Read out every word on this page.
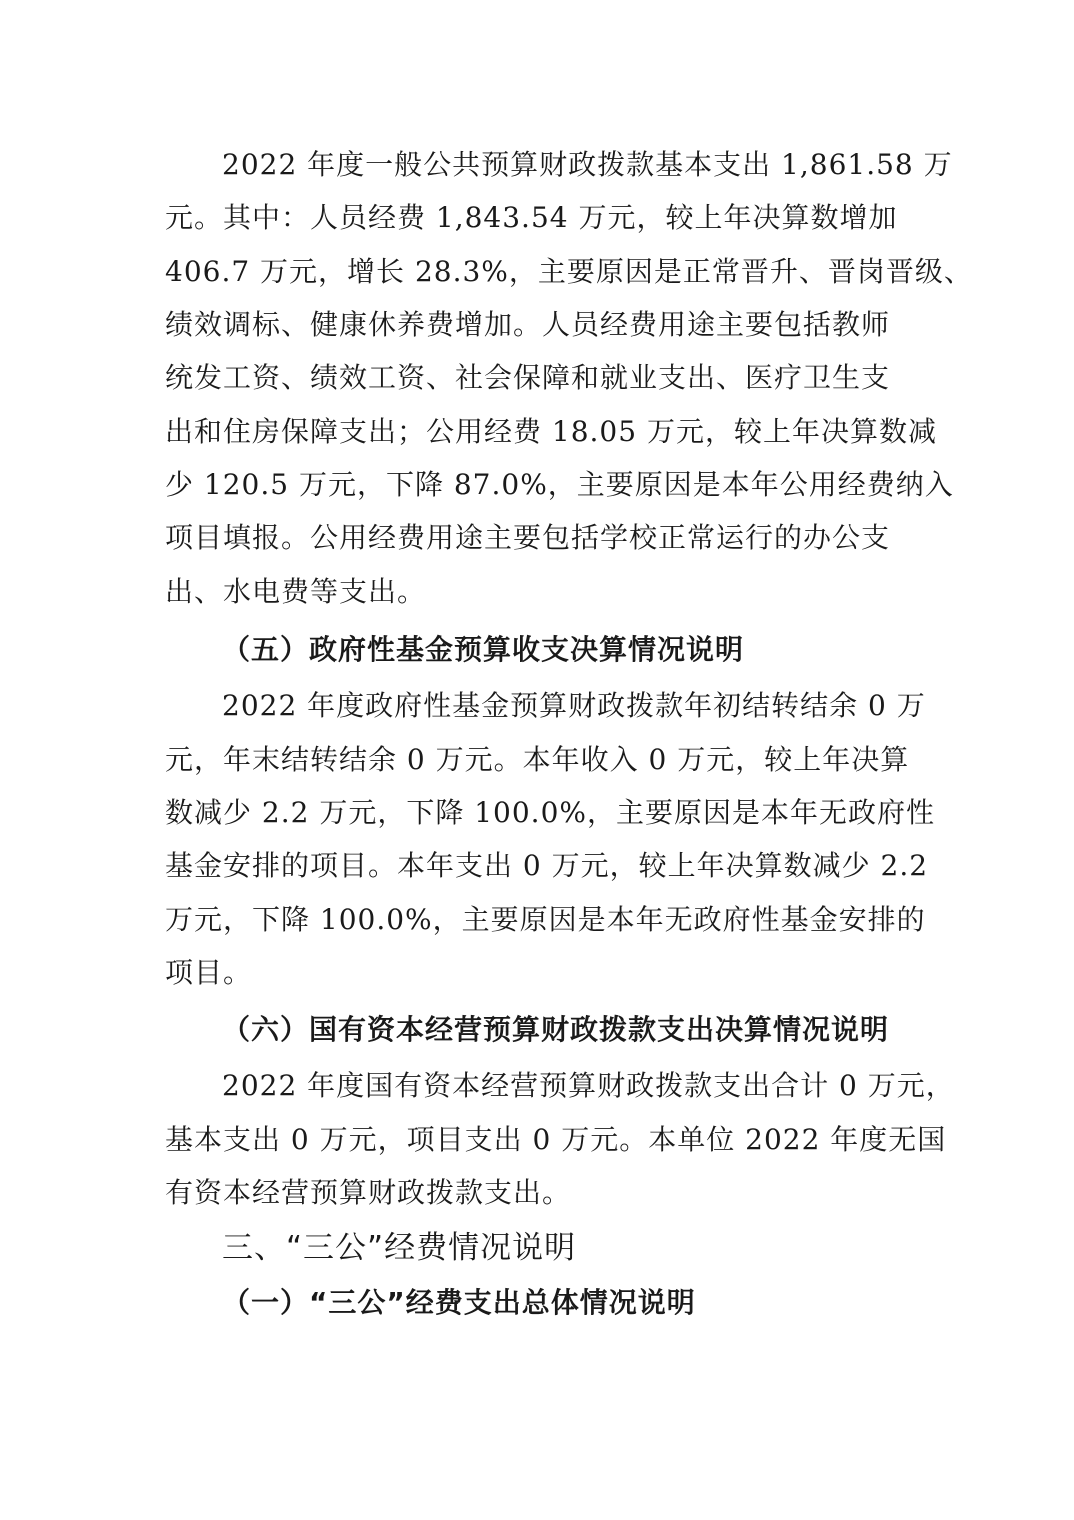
2022 年度一般公共预算财政拨款基本支出 1,861.58 万
元。其中：人员经费 1,843.54 万元，较上年决算数增加
406.7 万元，增长 28.3%，主要原因是正常晋升、晋岗晋级、
绩效调标、健康休养费增加。人员经费用途主要包括教师
统发工资、绩效工资、社会保障和就业支出、医疗卫生支
出和住房保障支出；公用经费 18.05 万元，较上年决算数减
少 120.5 万元，下降 87.0%，主要原因是本年公用经费纳入
项目填报。公用经费用途主要包括学校正常运行的办公支
出、水电费等支出。
（五）政府性基金预算收支决算情况说明
2022 年度政府性基金预算财政拨款年初结转结余 0 万
元，年末结转结余 0 万元。本年收入 0 万元，较上年决算
数减少 2.2 万元，下降 100.0%，主要原因是本年无政府性
基金安排的项目。本年支出 0 万元，较上年决算数减少 2.2
万元，下降 100.0%，主要原因是本年无政府性基金安排的
项目。
（六）国有资本经营预算财政拨款支出决算情况说明
2022 年度国有资本经营预算财政拨款支出合计 0 万元，
基本支出 0 万元，项目支出 0 万元。本单位 2022 年度无国
有资本经营预算财政拨款支出。
三、“三公”经费情况说明
（一）“三公”经费支出总体情况说明
